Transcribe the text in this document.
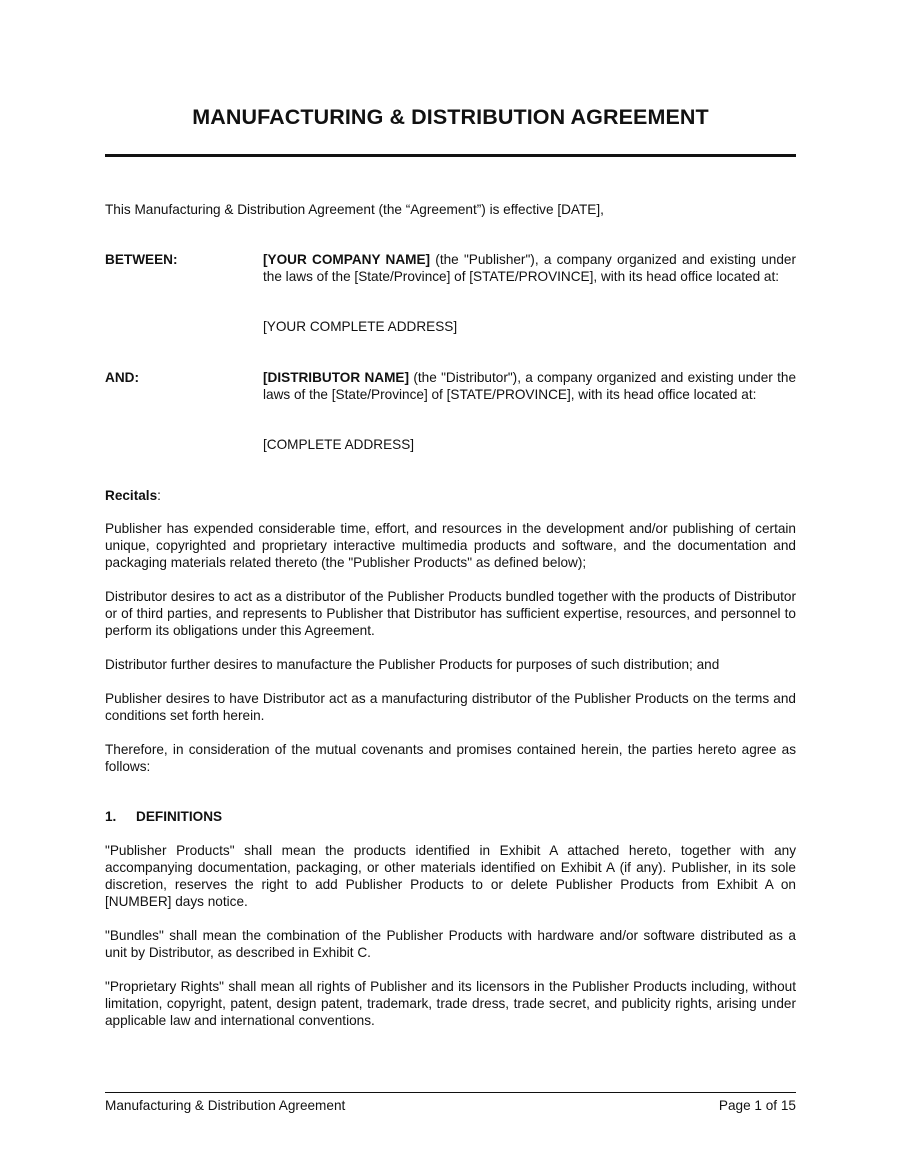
MANUFACTURING & DISTRIBUTION AGREEMENT

This Manufacturing & Distribution Agreement (the “Agreement”) is effective [DATE],

BETWEEN:	[YOUR COMPANY NAME] (the "Publisher"), a company organized and existing under the laws of the [State/Province] of [STATE/PROVINCE], with its head office located at:

[YOUR COMPLETE ADDRESS]

AND:	[DISTRIBUTOR NAME] (the "Distributor"), a company organized and existing under the laws of the [State/Province] of [STATE/PROVINCE], with its head office located at:

[COMPLETE ADDRESS]

Recitals:

Publisher has expended considerable time, effort, and resources in the development and/or publishing of certain unique, copyrighted and proprietary interactive multimedia products and software, and the documentation and packaging materials related thereto (the "Publisher Products" as defined below);

Distributor desires to act as a distributor of the Publisher Products bundled together with the products of Distributor or of third parties, and represents to Publisher that Distributor has sufficient expertise, resources, and personnel to perform its obligations under this Agreement.

Distributor further desires to manufacture the Publisher Products for purposes of such distribution; and

Publisher desires to have Distributor act as a manufacturing distributor of the Publisher Products on the terms and conditions set forth herein.

Therefore, in consideration of the mutual covenants and promises contained herein, the parties hereto agree as follows:

1. DEFINITIONS

"Publisher Products" shall mean the products identified in Exhibit A attached hereto, together with any accompanying documentation, packaging, or other materials identified on Exhibit A (if any). Publisher, in its sole discretion, reserves the right to add Publisher Products to or delete Publisher Products from Exhibit A on [NUMBER] days notice.

"Bundles" shall mean the combination of the Publisher Products with hardware and/or software distributed as a unit by Distributor, as described in Exhibit C.

"Proprietary Rights" shall mean all rights of Publisher and its licensors in the Publisher Products including, without limitation, copyright, patent, design patent, trademark, trade dress, trade secret, and publicity rights, arising under applicable law and international conventions.

Manufacturing & Distribution Agreement	Page 1 of 15
